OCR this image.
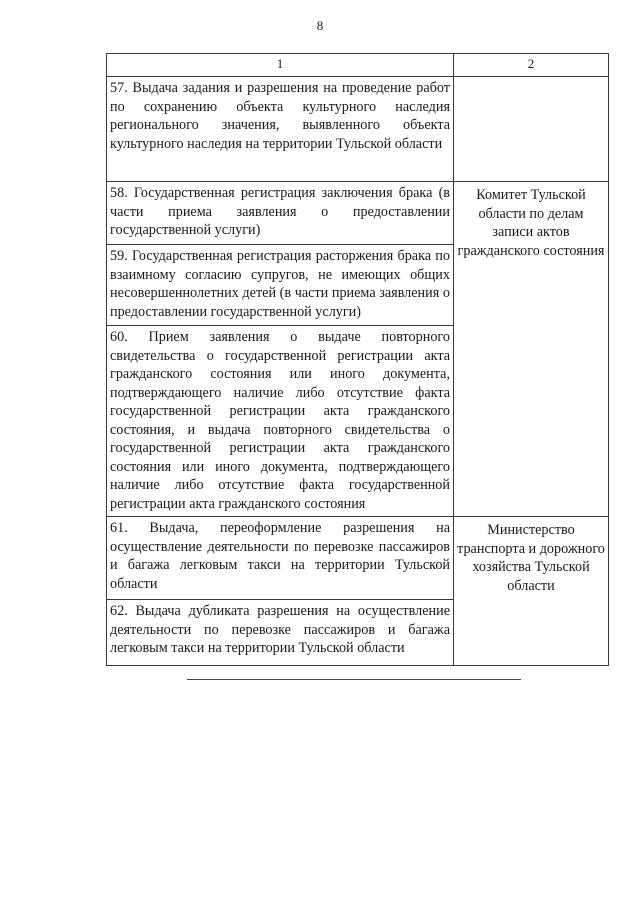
8
1	2
57. Выдача задания и разрешения на проведение работ по сохранению объекта культурного наследия регионального значения, выявленного объекта культурного наследия на территории Тульской области	
58. Государственная регистрация заключения брака (в части приема заявления о предоставлении государственной услуги)	Комитет Тульской области по делам записи актов гражданского состояния
59. Государственная регистрация расторжения брака по взаимному согласию супругов, не имеющих общих несовершеннолетних детей (в части приема заявления о предоставлении государственной услуги)	
60. Прием заявления о выдаче повторного свидетельства о государственной регистрации акта гражданского состояния или иного документа, подтверждающего наличие либо отсутствие факта государственной регистрации акта гражданского состояния, и выдача повторного свидетельства о государственной регистрации акта гражданского состояния или иного документа, подтверждающего наличие либо отсутствие факта государственной регистрации акта гражданского состояния	
61. Выдача, переоформление разрешения на осуществление деятельности по перевозке пассажиров и багажа легковым такси на территории Тульской области	Министерство транспорта и дорожного хозяйства Тульской области
62. Выдача дубликата разрешения на осуществление деятельности по перевозке пассажиров и багажа легковым такси на территории Тульской области	
